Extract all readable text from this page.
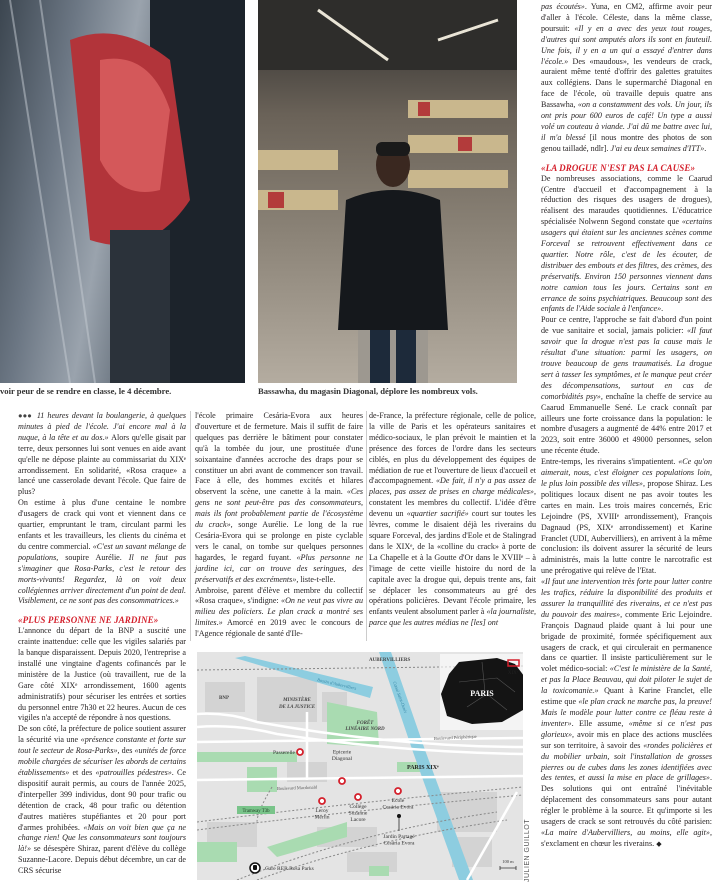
voir peur de se rendre en classe, le 4 décembre.	Bassawha, du magasin Diagonal, déplore les nombreux vols.

●●● 11 heures devant la boulangerie, à quelques minutes à pied de l'école. J'ai encore mal à la nuque, à la tête et au dos.» Alors qu'elle gisait par terre, deux personnes lui sont venues en aide avant qu'elle ne dépose plainte au commissariat du XIXᵉ arrondissement. En solidarité, «Rosa craque» a lancé une casserolade devant l'école. Que faire de plus?

On estime à plus d'une centaine le nombre d'usagers de crack qui vont et viennent dans ce quartier, empruntant le tram, circulant parmi les enfants et les travailleurs, les clients du cinéma et du centre commercial. «C'est un savant mélange de populations, soupire Aurélie. Il ne faut pas s'imaginer que Rosa-Parks, c'est le retour des morts-vivants! Regardez, là on voit deux collégiennes arriver directement d'un point de deal. Visiblement, ce ne sont pas des consommatrices.»

«PLUS PERSONNE NE JARDINE»

L'annonce du départ de la BNP a suscité une crainte inattendue: celle que les vigiles salariés par la banque disparaissent. Depuis 2020, l'entreprise a installé une vingtaine d'agents cofinancés par le ministère de la Justice (où travaillent, rue de la Gare côté XIXᵉ arrondissement, 1600 agents administratifs) pour sécuriser les entrées et sorties du personnel entre 7h30 et 22 heures. Aucun de ces vigiles n'a accepté de répondre à nos questions.

De son côté, la préfecture de police soutient assurer la sécurité via une «présence constante et forte sur tout le secteur de Rosa-Parks», des «unités de force mobile chargées de sécuriser les abords de certains établissements» et des «patrouilles pédestres». Ce dispositif aurait permis, au cours de l'année 2025, d'interpeller 399 individus, dont 90 pour trafic ou détention de crack, 48 pour trafic ou détention d'autres matières stupéfiantes et 20 pour port d'armes prohibées. «Mais on voit bien que ça ne change rien! Que les consommateurs sont toujours là!» se désespère Shiraz, parent d'élève du collège Suzanne-Lacore. Depuis début décembre, un car de CRS sécurise

l'école primaire Cesária-Evora aux heures d'ouverture et de fermeture. Mais il suffit de faire quelques pas derrière le bâtiment pour constater qu'à la tombée du jour, une prostituée d'une soixantaine d'années accroche des draps pour se constituer un abri avant de commencer son travail. Face à elle, des hommes excités et hilares observent la scène, une canette à la main. «Ces gens ne sont peut-être pas des consommateurs, mais ils font probablement partie de l'écosystème du crack», songe Aurélie. Le long de la rue Cesária-Evora qui se prolonge en piste cyclable vers le canal, on tombe sur quelques personnes hagardes, le regard fuyant. «Plus personne ne jardine ici, car on trouve des seringues, des préservatifs et des excréments», liste-t-elle.

Ambroise, parent d'élève et membre du collectif «Rosa craque», s'indigne: «On ne veut pas vivre au milieu des policiers. Le plan crack a montré ses limites.» Amorcé en 2019 avec le concours de l'Agence régionale de santé d'Ile-

de-France, la préfecture régionale, celle de police, la ville de Paris et les opérateurs sanitaires et médico-sociaux, le plan prévoit le maintien et la présence des forces de l'ordre dans les secteurs ciblés, en plus du développement des équipes de médiation de rue et l'ouverture de lieux d'accueil et d'accompagnement. «De fait, il n'y a pas assez de places, pas assez de prises en charge médicales», constatent les membres du collectif. L'idée d'être devenu un «quartier sacrifié» court sur toutes les lèvres, comme le disaient déjà les riverains du square Forceval, des jardins d'Eole et de Stalingrad dans le XIXᵉ, de la «colline du crack» à porte de La Chapelle et à la Goutte d'Or dans le XVIIIᵉ – à l'image de cette vieille histoire du nord de la capitale avec la drogue qui, depuis trente ans, fait se déplacer les consommateurs au gré des opérations policières. Devant l'école primaire, les enfants veulent absolument parler à «la journaliste, parce que les autres médias ne [les] ont

pas écoutés». Yuna, en CM2, affirme avoir peur d'aller à l'école. Céleste, dans la même classe, poursuit: «Il y en a avec des yeux tout rouges, d'autres qui sont amputés alors ils sont en fauteuil. Une fois, il y en a un qui a essayé d'entrer dans l'école.» Des «maudous», les vendeurs de crack, auraient même tenté d'offrir des galettes gratuites aux collégiens. Dans le supermarché Diagonal en face de l'école, où travaille depuis quatre ans Bassawha, «on a constamment des vols. Un jour, ils ont pris pour 600 euros de café! Un type a aussi volé un couteau à viande. J'ai dû me battre avec lui, il m'a blessé [il nous montre des photos de son genou tailladé, ndlr]. J'ai eu deux semaines d'ITT».

«LA DROGUE N'EST PAS LA CAUSE»

De nombreuses associations, comme le Caarud (Centre d'accueil et d'accompagnement à la réduction des risques des usagers de drogues), réalisent des maraudes quotidiennes. L'éducatrice spécialisée Nolwenn Segond constate que «certains usagers qui étaient sur les anciennes scènes comme Forceval se retrouvent effectivement dans ce quartier. Notre rôle, c'est de les écouter, de distribuer des embouts et des filtres, des crèmes, des préservatifs. Environ 150 personnes viennent dans notre camion tous les jours. Certains sont en errance de soins psychiatriques. Beaucoup sont des enfants de l'Aide sociale à l'enfance».

Pour ce centre, l'approche se fait d'abord d'un point de vue sanitaire et social, jamais policier: «Il faut savoir que la drogue n'est pas la cause mais le résultat d'une situation: parmi les usagers, on trouve beaucoup de gens traumatisés. La drogue sert à tasser les symptômes, et le manque peut créer des décompensations, surtout en cas de comorbidités psy», enchaîne la cheffe de service au Caarud Emmanuelle Sené. Le crack connaît par ailleurs une forte croissance dans la population: le nombre d'usagers a augmenté de 44% entre 2017 et 2023, soit entre 36000 et 49000 personnes, selon une récente étude.

Entre-temps, les riverains s'impatientent. «Ce qu'on aimerait, nous, c'est éloigner ces populations loin, le plus loin possible des villes», propose Shiraz. Les politiques locaux disent ne pas avoir toutes les cartes en main. Les trois maires concernés, Eric Lejoindre (PS, XVIIIᵉ arrondissement), François Dagnaud (PS, XIXᵉ arrondissement) et Karine Franclet (UDI, Aubervilliers), en arrivent à la même conclusion: ils doivent assurer la sécurité de leurs administrés, mais la lutte contre le narcotrafic est une prérogative qui relève de l'Etat.

«Il faut une intervention très forte pour lutter contre les trafics, réduire la disponibilité des produits et assurer la tranquillité des riverains, et ce n'est pas du pouvoir des maires», commente Eric Lejoindre. François Dagnaud plaide quant à lui pour une brigade de proximité, formée spécifiquement aux usagers de crack, et qui circulerait en permanence dans ce quartier. Il insiste particulièrement sur le volet médico-social: «C'est le ministère de la Santé, et pas la Place Beauvau, qui doit piloter le sujet de la toxicomanie.» Quant à Karine Franclet, elle estime que «le plan crack ne marche pas, la preuve! Mais le modèle pour lutter contre ce fléau reste à inventer». Elle assume, «même si ce n'est pas glorieux», avoir mis en place des actions musclées sur son territoire, à savoir des «rondes policières et du mobilier urbain, soit l'installation de grosses pierres ou de cubes dans les zones identifiées avec des tentes, et aussi la mise en place de grillages». Des solutions qui ont entraîné l'inévitable déplacement des consommateurs sans pour autant régler le problème à la source. Et qu'importe si les usagers de crack se sont retrouvés du côté parisien: «La maire d'Aubervilliers, au moins, elle agit», s'exclament en chœur les riverains. ◆

PARIS
XIXᵉ
AUBERVILLIERS
BNP	MINISTÈRE
DE LA JUSTICE
Bassin d'Aubervilliers	Canal Saint-Denis
FORÊT
LINÉAIRE NORD
Boulevard Périphérique
PARIS XIXᵉ
Boulevard Macdonald
Tramway T3b
Passerelle	Epicerie
Diagonal
Leroy
Merlin
Collège
Suzanne
Lacore
Ecole
Cesária Evora
Jardin Partagé
Cesária Evora
Gare RER Rosa Parks
100 m JULIEN GUILLOT
